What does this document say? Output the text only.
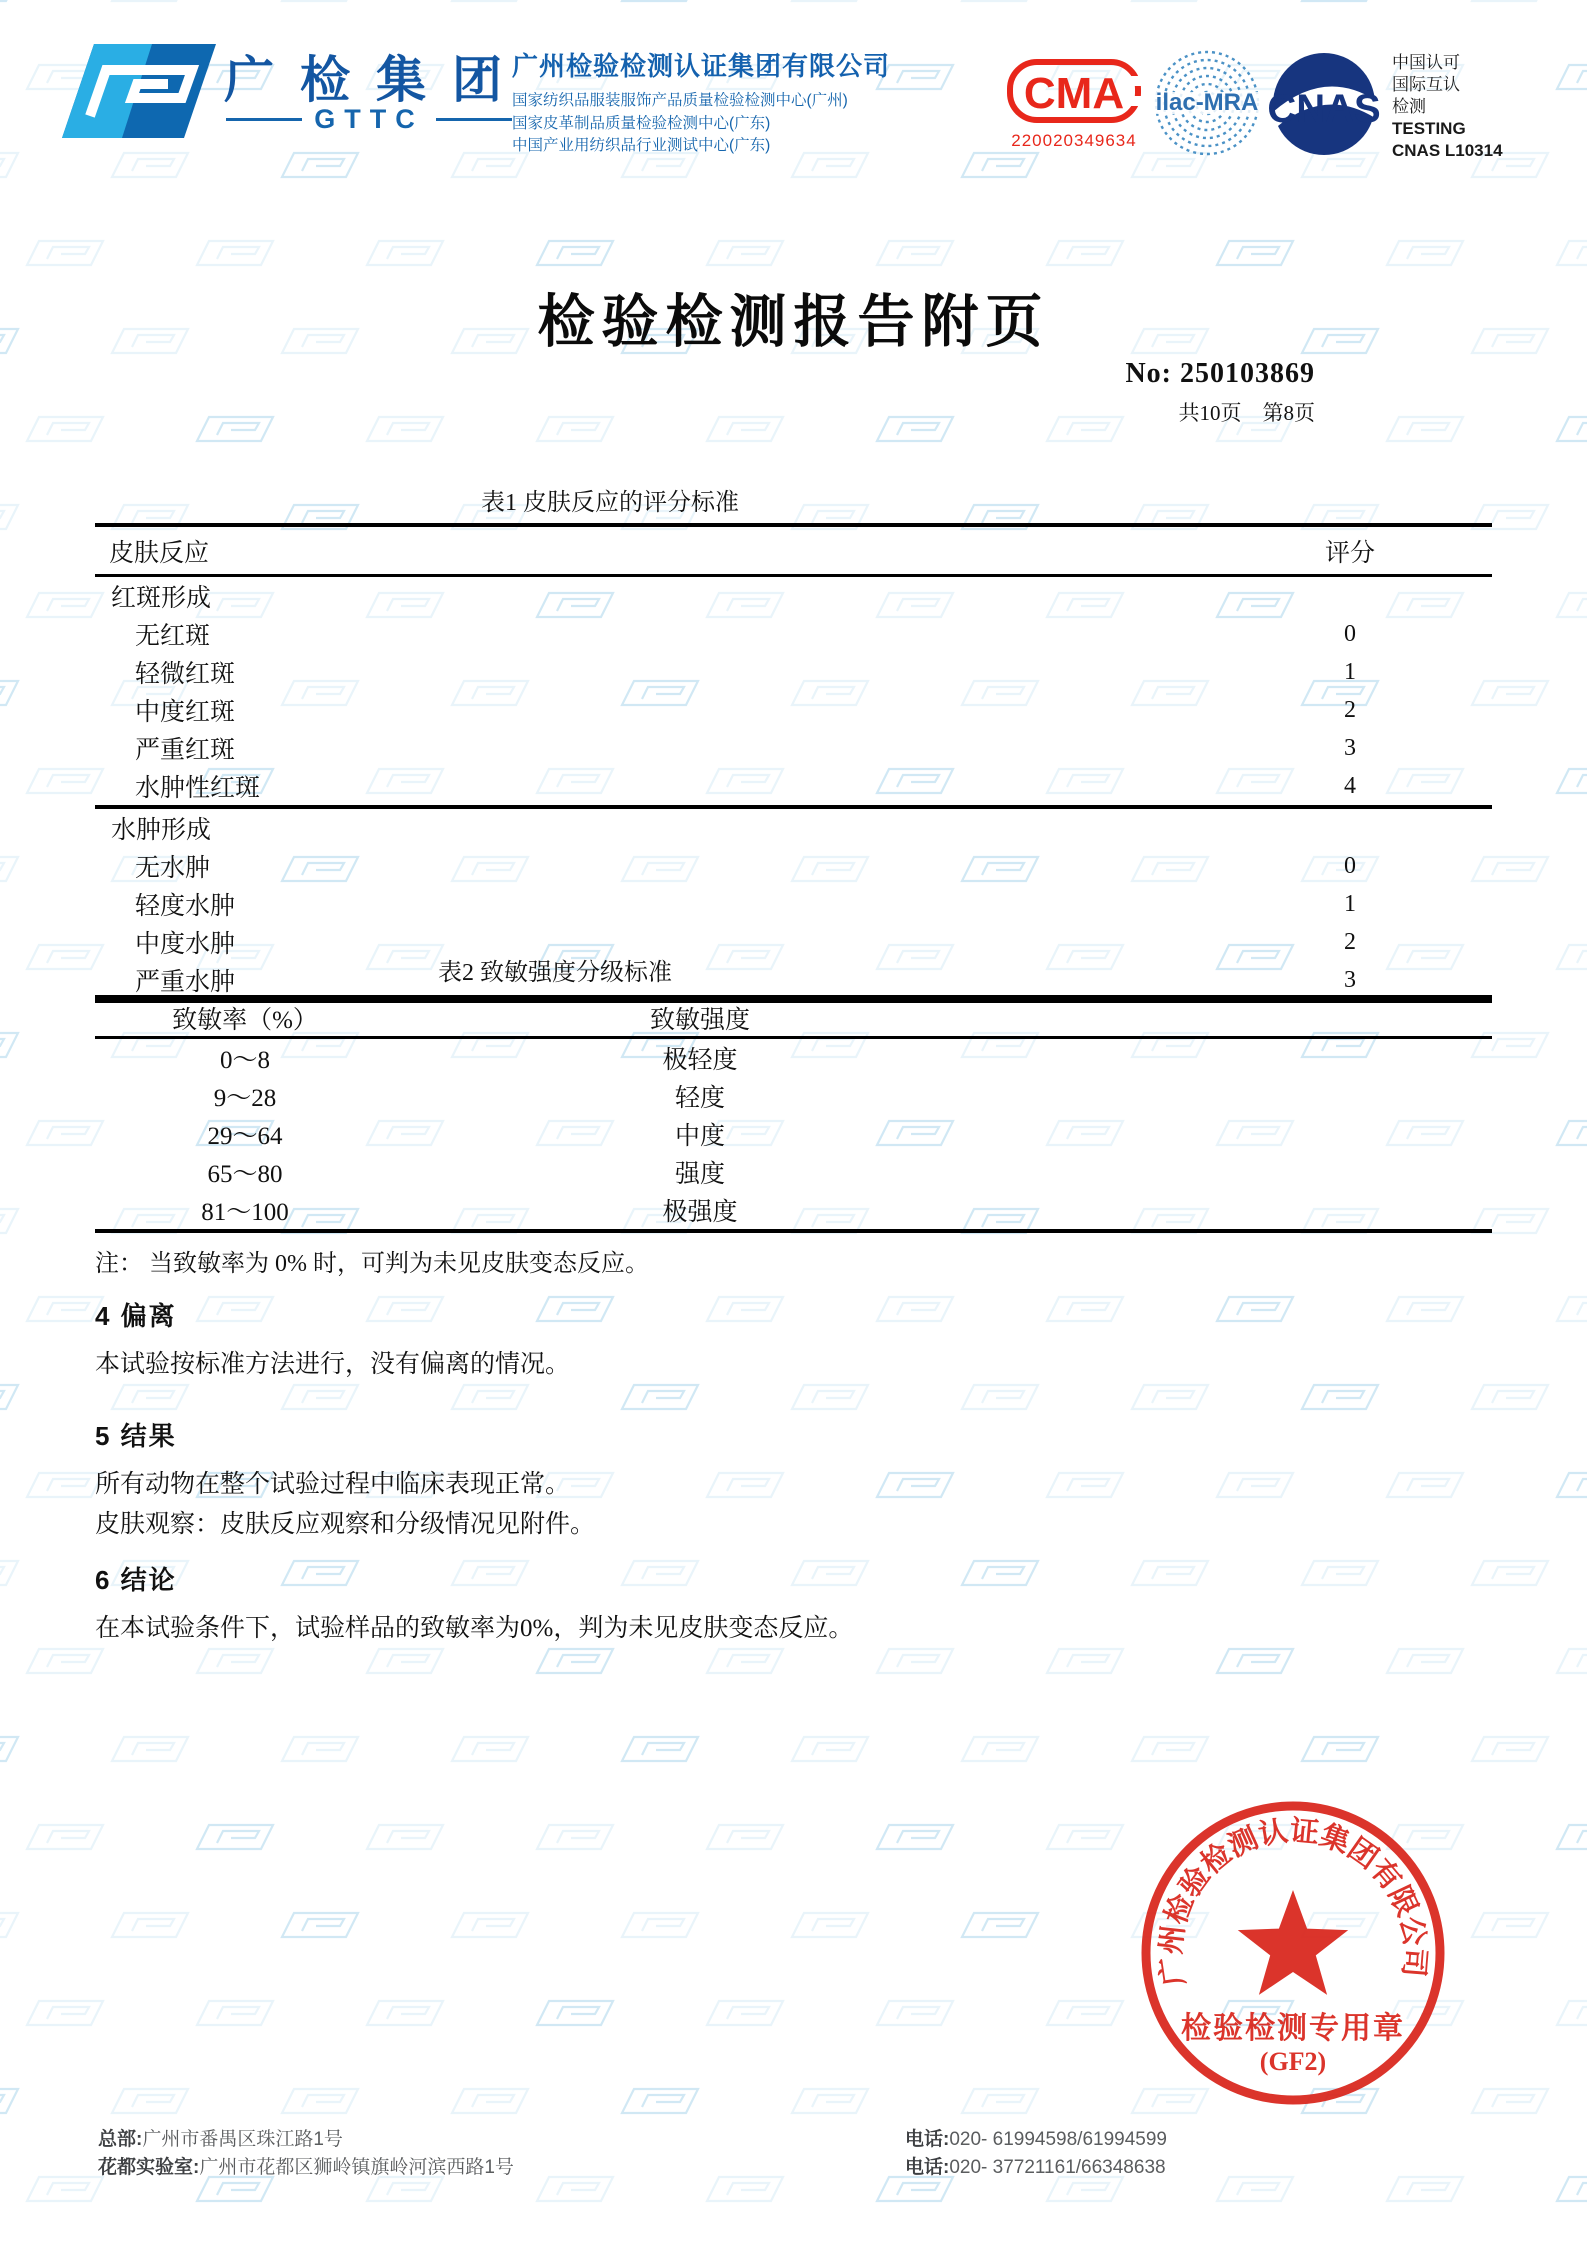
广检集团
GTTC
广州检验检测认证集团有限公司
国家纺织品服装服饰产品质量检验检测中心(广州)
国家皮革制品质量检验检测中心(广东)
中国产业用纺织品行业测试中心(广东)
CMA
220020349634
ilac-MRA CNAS
中国认可
国际互认
检测
TESTING
CNAS L10314
检验检测报告附页
No: 250103869
共10页　第8页
表1 皮肤反应的评分标准
皮肤反应	评分
红斑形成
无红斑	0
轻微红斑	1
中度红斑	2
严重红斑	3
水肿性红斑	4
水肿形成
无水肿	0
轻度水肿	1
中度水肿	2
严重水肿	3
表2 致敏强度分级标准
致敏率（%）	致敏强度
0～8	极轻度
9～28	轻度
29～64	中度
65～80	强度
81～100	极强度
注： 当致敏率为 0% 时，可判为未见皮肤变态反应。
4 偏离
本试验按标准方法进行，没有偏离的情况。
5 结果
所有动物在整个试验过程中临床表现正常。
皮肤观察：皮肤反应观察和分级情况见附件。
6 结论
在本试验条件下，试验样品的致敏率为0%，判为未见皮肤变态反应。
广州检验检测认证集团有限公司
检验检测专用章
(GF2)
总部:广州市番禺区珠江路1号
花都实验室:广州市花都区狮岭镇旗岭河滨西路1号
电话:020- 61994598/61994599
电话:020- 37721161/66348638
